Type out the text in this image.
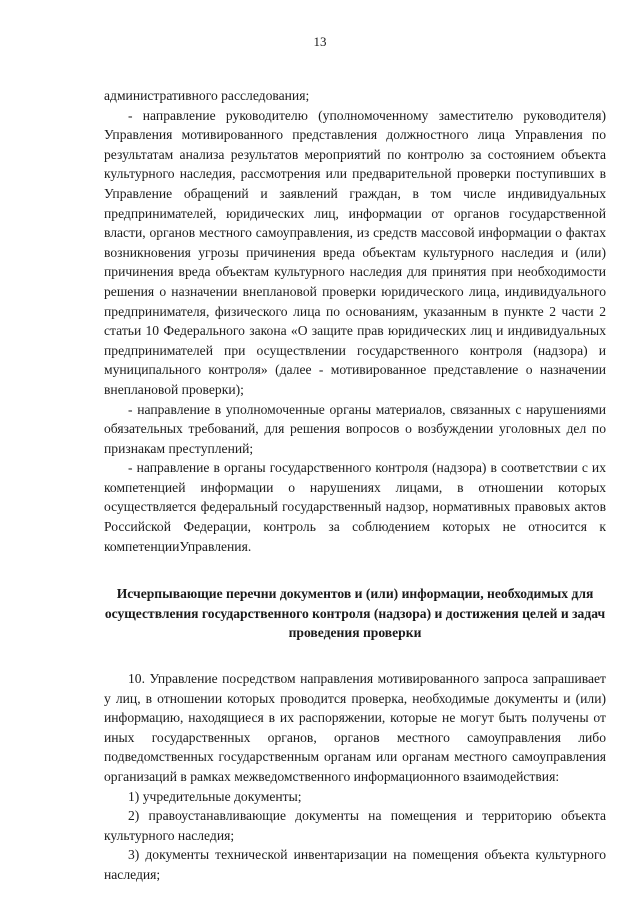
13

административного расследования;

- направление руководителю (уполномоченному заместителю руководителя) Управления мотивированного представления должностного лица Управления по результатам анализа результатов мероприятий по контролю за состоянием объекта культурного наследия, рассмотрения или предварительной проверки поступивших в Управление обращений и заявлений граждан, в том числе индивидуальных предпринимателей, юридических лиц, информации от органов государственной власти, органов местного самоуправления, из средств массовой информации о фактах возникновения угрозы причинения вреда объектам культурного наследия и (или) причинения вреда объектам культурного наследия для принятия при необходимости решения о назначении внеплановой проверки юридического лица, индивидуального предпринимателя, физического лица по основаниям, указанным в пункте 2 части 2 статьи 10 Федерального закона «О защите прав юридических лиц и индивидуальных предпринимателей при осуществлении государственного контроля (надзора) и муниципального контроля» (далее - мотивированное представление о назначении внеплановой проверки);

- направление в уполномоченные органы материалов, связанных с нарушениями обязательных требований, для решения вопросов о возбуждении уголовных дел по признакам преступлений;

- направление в органы государственного контроля (надзора) в соответствии с их компетенцией информации о нарушениях лицами, в отношении которых осуществляется федеральный государственный надзор, нормативных правовых актов Российской Федерации, контроль за соблюдением которых не относится к компетенцииУправления.

Исчерпывающие перечни документов и (или) информации, необходимых для осуществления государственного контроля (надзора) и достижения целей и задач проведения проверки

10. Управление посредством направления мотивированного запроса запрашивает у лиц, в отношении которых проводится проверка, необходимые документы и (или) информацию, находящиеся в их распоряжении, которые не могут быть получены от иных государственных органов, органов местного самоуправления либо подведомственных государственным органам или органам местного самоуправления организаций в рамках межведомственного информационного взаимодействия:

1) учредительные документы;

2) правоустанавливающие документы на помещения и территорию объекта культурного наследия;

3) документы технической инвентаризации на помещения объекта культурного наследия;
